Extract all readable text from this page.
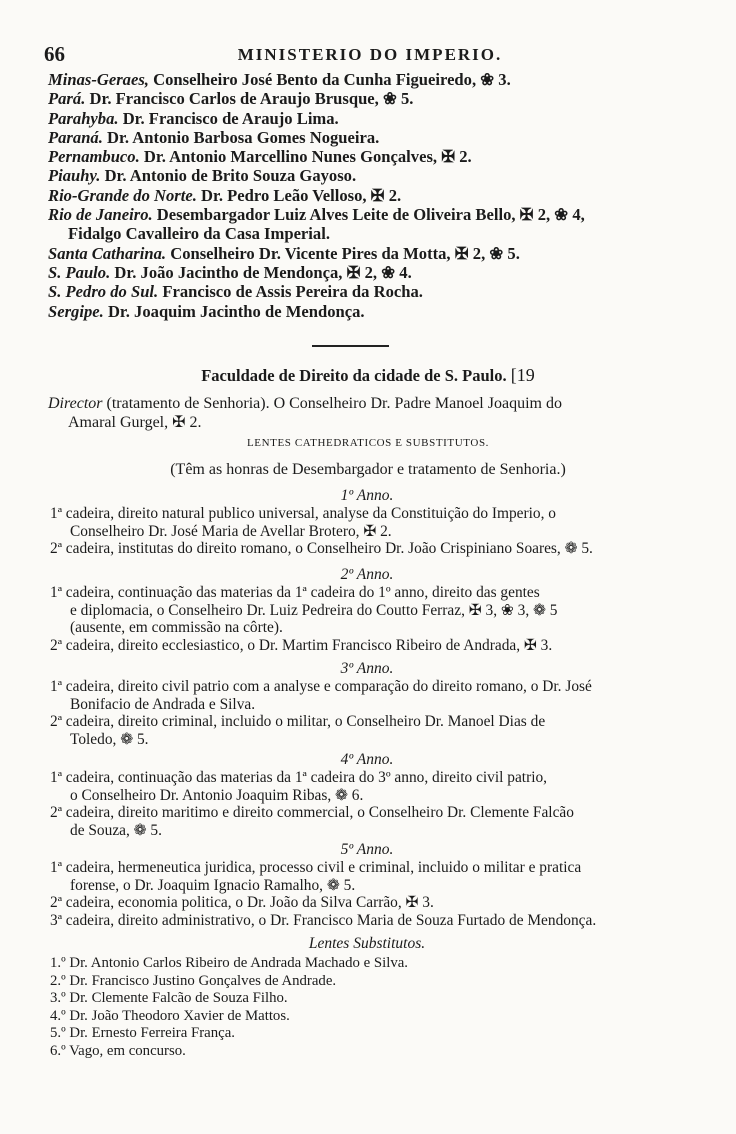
66	MINISTERIO DO IMPERIO.
Minas-Geraes, Conselheiro José Bento da Cunha Figueiredo, ❀ 3.
Pará. Dr. Francisco Carlos de Araujo Brusque, ❀ 5.
Parahyba. Dr. Francisco de Araujo Lima.
Paraná. Dr. Antonio Barbosa Gomes Nogueira.
Pernambuco. Dr. Antonio Marcellino Nunes Gonçalves, ✠ 2.
Piauhy. Dr. Antonio de Brito Souza Gayoso.
Rio-Grande do Norte. Dr. Pedro Leão Velloso, ✠ 2.
Rio de Janeiro. Desembargador Luiz Alves Leite de Oliveira Bello, ✠ 2, ❀ 4,
Fidalgo Cavalleiro da Casa Imperial.
Santa Catharina. Conselheiro Dr. Vicente Pires da Motta, ✠ 2, ❀ 5.
S. Paulo. Dr. João Jacintho de Mendonça, ✠ 2, ❀ 4.
S. Pedro do Sul. Francisco de Assis Pereira da Rocha.
Sergipe. Dr. Joaquim Jacintho de Mendonça.
Faculdade de Direito da cidade de S. Paulo. [19
Director (tratamento de Senhoria). O Conselheiro Dr. Padre Manoel Joaquim do
Amaral Gurgel, ✠ 2.
LENTES CATHEDRATICOS E SUBSTITUTOS.
(Têm as honras de Desembargador e tratamento de Senhoria.)
1º Anno.
1ª cadeira, direito natural publico universal, analyse da Constituição do Imperio, o
Conselheiro Dr. José Maria de Avellar Brotero, ✠ 2.
2ª cadeira, institutas do direito romano, o Conselheiro Dr. João Crispiniano Soares, ❁ 5.
2º Anno.
1ª cadeira, continuação das materias da 1ª cadeira do 1º anno, direito das gentes
e diplomacia, o Conselheiro Dr. Luiz Pedreira do Coutto Ferraz, ✠ 3, ❀ 3, ❁ 5
(ausente, em commissão na côrte).
2ª cadeira, direito ecclesiastico, o Dr. Martim Francisco Ribeiro de Andrada, ✠ 3.
3º Anno.
1ª cadeira, direito civil patrio com a analyse e comparação do direito romano, o Dr. José
Bonifacio de Andrada e Silva.
2ª cadeira, direito criminal, incluido o militar, o Conselheiro Dr. Manoel Dias de
Toledo, ❁ 5.
4º Anno.
1ª cadeira, continuação das materias da 1ª cadeira do 3º anno, direito civil patrio,
o Conselheiro Dr. Antonio Joaquim Ribas, ❁ 6.
2ª cadeira, direito maritimo e direito commercial, o Conselheiro Dr. Clemente Falcão
de Souza, ❁ 5.
5º Anno.
1ª cadeira, hermeneutica juridica, processo civil e criminal, incluido o militar e pratica
forense, o Dr. Joaquim Ignacio Ramalho, ❁ 5.
2ª cadeira, economia politica, o Dr. João da Silva Carrão, ✠ 3.
3ª cadeira, direito administrativo, o Dr. Francisco Maria de Souza Furtado de Mendonça.
Lentes Substitutos.
1.º Dr. Antonio Carlos Ribeiro de Andrada Machado e Silva.
2.º Dr. Francisco Justino Gonçalves de Andrade.
3.º Dr. Clemente Falcão de Souza Filho.
4.º Dr. João Theodoro Xavier de Mattos.
5.º Dr. Ernesto Ferreira França.
6.º Vago, em concurso.
